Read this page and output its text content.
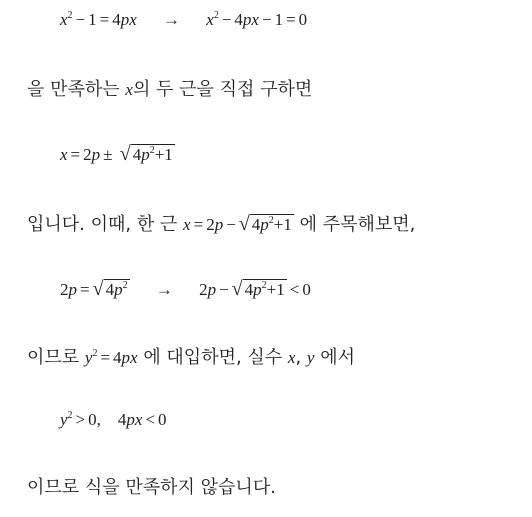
$x^2 - 1 = 4px \to x^2 - 4px - 1 = 0$
을 만족하는 x의 두 근을 직접 구하면
x = 2p ± √ $4p^2+1$
입니다. 이때, 한 근 x = 2p − √ $4p^2+1$ 에 주목해보면,
2p = √ $4p^2 \to 2p$ − √ $4p^2+1 < 0$
이므로 $y^2 = 4px$ 에 대입하면, 실수 x, y 에서
$y^2 > 0$,    4px < 0
이므로 식을 만족하지 않습니다.
